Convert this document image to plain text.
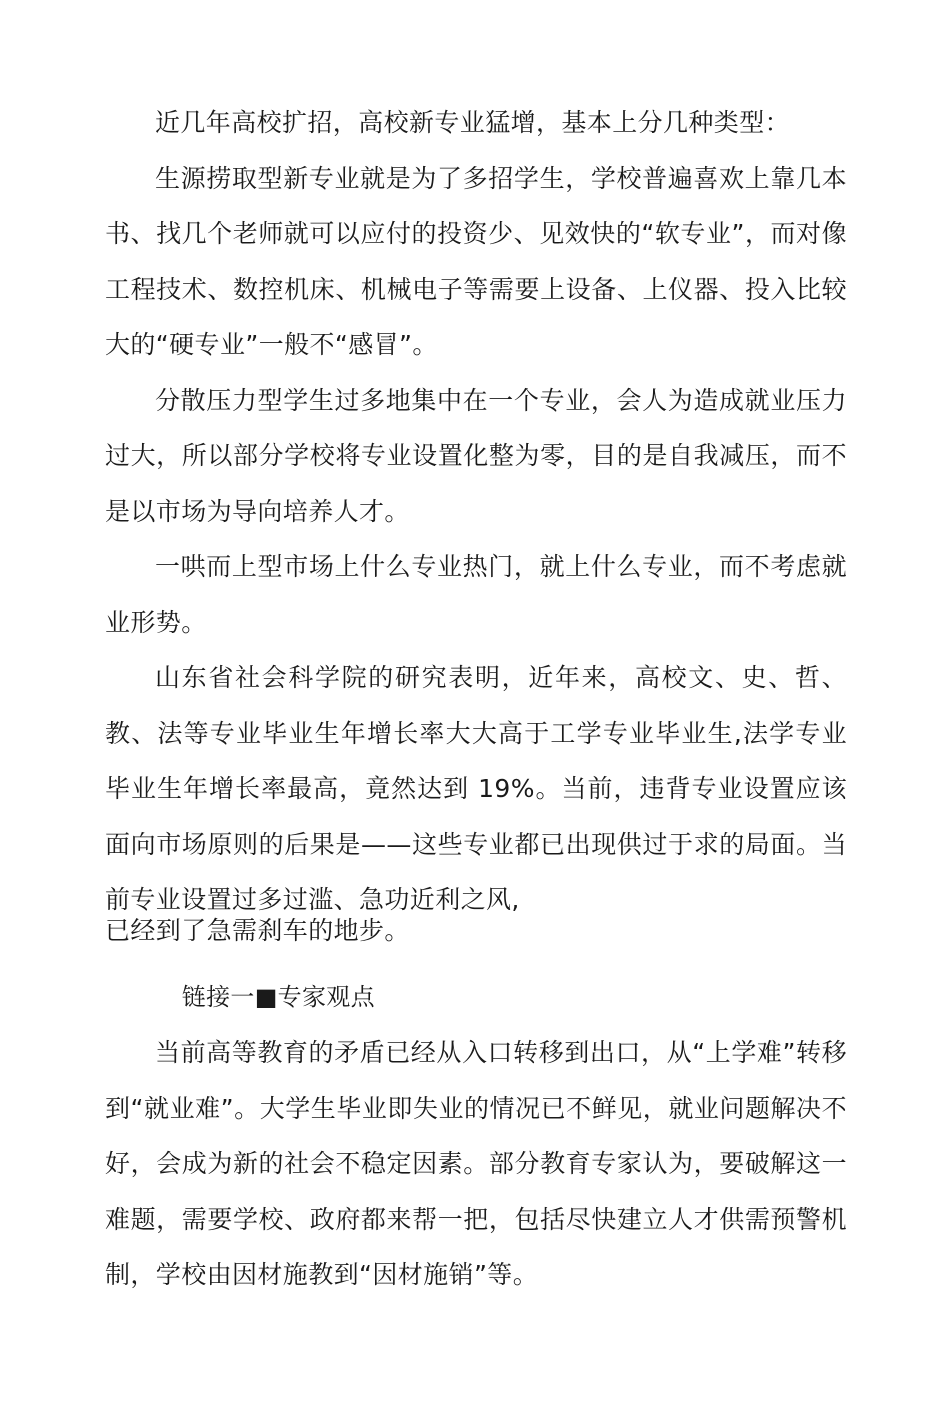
近几年高校扩招，高校新专业猛增，基本上分几种类型：

生源捞取型新专业就是为了多招学生，学校普遍喜欢上靠几本书、找几个老师就可以应付的投资少、见效快的“软专业”，而对像工程技术、数控机床、机械电子等需要上设备、上仪器、投入比较大的“硬专业”一般不“感冒”。

分散压力型学生过多地集中在一个专业，会人为造成就业压力过大，所以部分学校将专业设置化整为零，目的是自我减压，而不是以市场为导向培养人才。

一哄而上型市场上什么专业热门，就上什么专业，而不考虑就业形势。

山东省社会科学院的研究表明，近年来，高校文、史、哲、教、法等专业毕业生年增长率大大高于工学专业毕业生,法学专业毕业生年增长率最高，竟然达到 19%。当前，违背专业设置应该面向市场原则的后果是——这些专业都已出现供过于求的局面。当前专业设置过多过滥、急功近利之风,

已经到了急需刹车的地步。

链接一■专家观点

当前高等教育的矛盾已经从入口转移到出口，从“上学难”转移到“就业难”。大学生毕业即失业的情况已不鲜见，就业问题解决不好，会成为新的社会不稳定因素。部分教育专家认为，要破解这一难题，需要学校、政府都来帮一把，包括尽快建立人才供需预警机制，学校由因材施教到“因材施销”等。
